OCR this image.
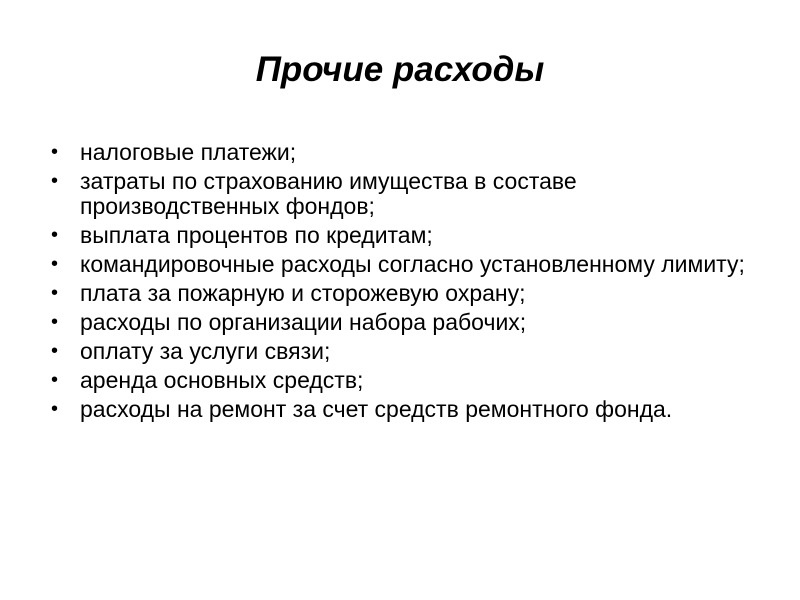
Прочие расходы
• налоговые платежи;
• затраты по страхованию имущества в составе производственных фондов;
• выплата процентов по кредитам;
• командировочные расходы согласно установленному лимиту;
• плата за пожарную и сторожевую охрану;
• расходы по организации набора рабочих;
• оплату за услуги связи;
• аренда основных средств;
• расходы на ремонт за счет средств ремонтного фонда.
